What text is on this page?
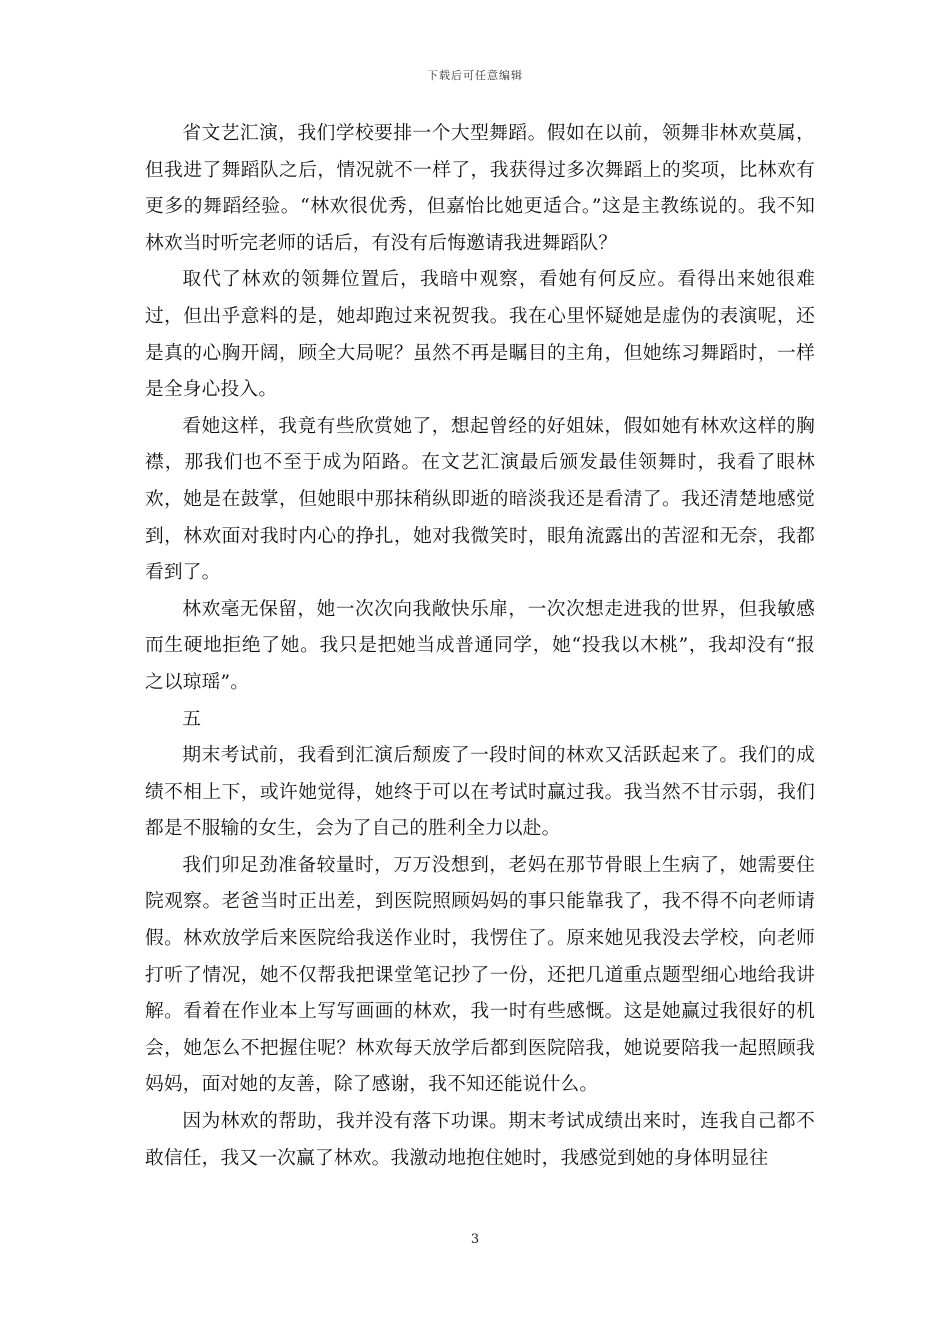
下载后可任意编辑

省文艺汇演，我们学校要排一个大型舞蹈。假如在以前，领舞非林欢莫属，但我进了舞蹈队之后，情况就不一样了，我获得过多次舞蹈上的奖项，比林欢有更多的舞蹈经验。“林欢很优秀，但嘉怡比她更适合。”这是主教练说的。我不知林欢当时听完老师的话后，有没有后悔邀请我进舞蹈队？

取代了林欢的领舞位置后，我暗中观察，看她有何反应。看得出来她很难过，但出乎意料的是，她却跑过来祝贺我。我在心里怀疑她是虚伪的表演呢，还是真的心胸开阔，顾全大局呢？虽然不再是瞩目的主角，但她练习舞蹈时，一样是全身心投入。

看她这样，我竟有些欣赏她了，想起曾经的好姐妹，假如她有林欢这样的胸襟，那我们也不至于成为陌路。在文艺汇演最后颁发最佳领舞时，我看了眼林欢，她是在鼓掌，但她眼中那抹稍纵即逝的暗淡我还是看清了。我还清楚地感觉到，林欢面对我时内心的挣扎，她对我微笑时，眼角流露出的苦涩和无奈，我都看到了。

林欢毫无保留，她一次次向我敞快乐扉，一次次想走进我的世界，但我敏感而生硬地拒绝了她。我只是把她当成普通同学，她“投我以木桃”，我却没有“报之以琼瑶”。

五

期末考试前，我看到汇演后颓废了一段时间的林欢又活跃起来了。我们的成绩不相上下，或许她觉得，她终于可以在考试时赢过我。我当然不甘示弱，我们都是不服输的女生，会为了自己的胜利全力以赴。

我们卯足劲准备较量时，万万没想到，老妈在那节骨眼上生病了，她需要住院观察。老爸当时正出差，到医院照顾妈妈的事只能靠我了，我不得不向老师请假。林欢放学后来医院给我送作业时，我愣住了。原来她见我没去学校，向老师打听了情况，她不仅帮我把课堂笔记抄了一份，还把几道重点题型细心地给我讲解。看着在作业本上写写画画的林欢，我一时有些感慨。这是她赢过我很好的机会，她怎么不把握住呢？林欢每天放学后都到医院陪我，她说要陪我一起照顾我妈妈，面对她的友善，除了感谢，我不知还能说什么。

因为林欢的帮助，我并没有落下功课。期末考试成绩出来时，连我自己都不敢信任，我又一次赢了林欢。我激动地抱住她时，我感觉到她的身体明显往

3
